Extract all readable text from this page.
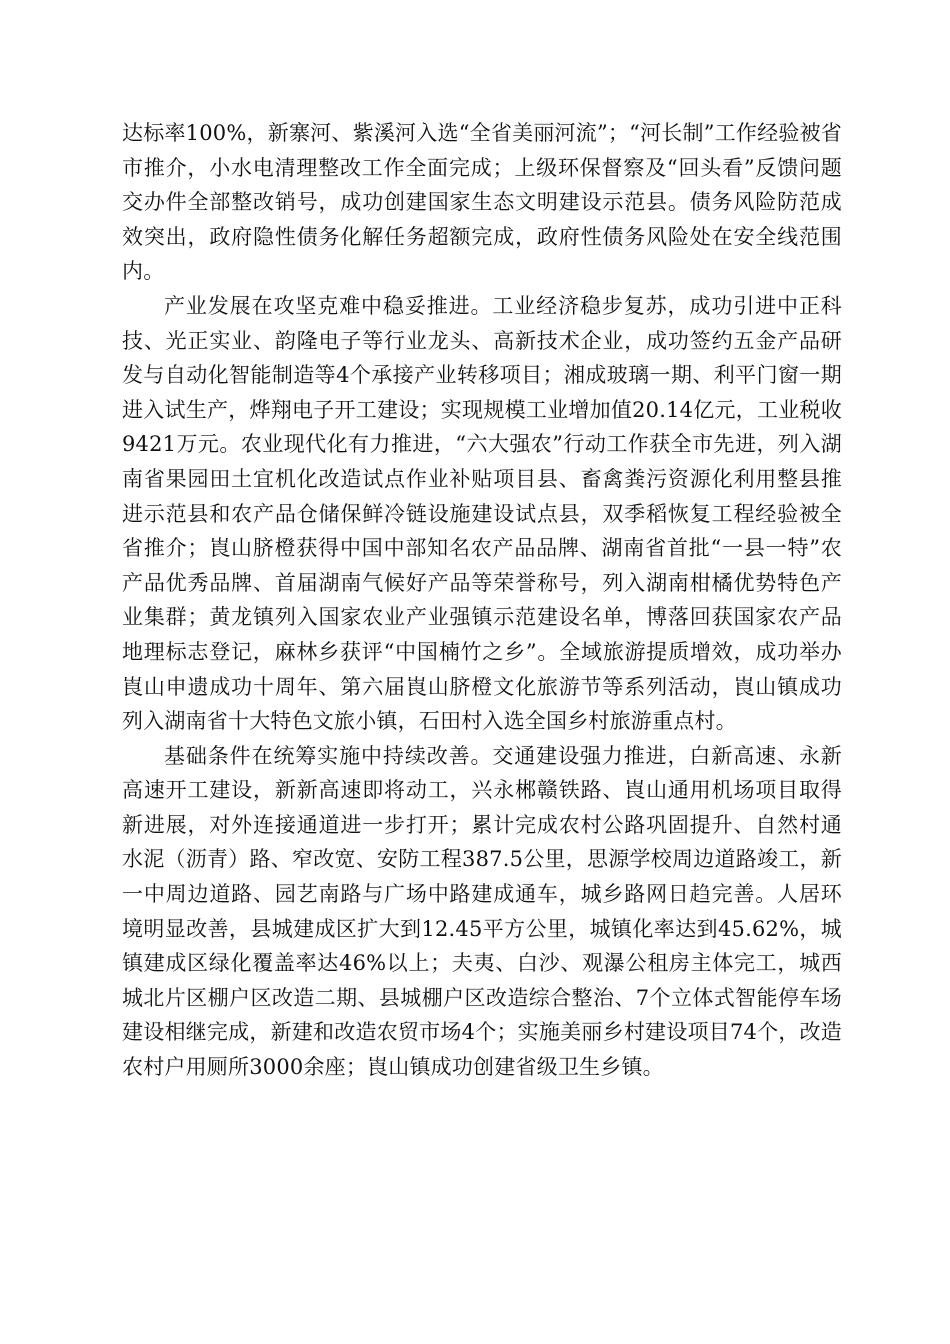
达标率100%，新寨河、紫溪河入选“全省美丽河流”；“河长制”工作经验被省市推介，小水电清理整改工作全面完成；上级环保督察及“回头看”反馈问题交办件全部整改销号，成功创建国家生态文明建设示范县。债务风险防范成效突出，政府隐性债务化解任务超额完成，政府性债务风险处在安全线范围内。

产业发展在攻坚克难中稳妥推进。工业经济稳步复苏，成功引进中正科技、光正实业、韵隆电子等行业龙头、高新技术企业，成功签约五金产品研发与自动化智能制造等4个承接产业转移项目；湘成玻璃一期、利平门窗一期进入试生产，烨翔电子开工建设；实现规模工业增加值20.14亿元，工业税收9421万元。农业现代化有力推进，“六大强农”行动工作获全市先进，列入湖南省果园田土宜机化改造试点作业补贴项目县、畜禽粪污资源化利用整县推进示范县和农产品仓储保鲜冷链设施建设试点县，双季稻恢复工程经验被全省推介；崀山脐橙获得中国中部知名农产品品牌、湖南省首批“一县一特”农产品优秀品牌、首届湖南气候好产品等荣誉称号，列入湖南柑橘优势特色产业集群；黄龙镇列入国家农业产业强镇示范建设名单，博落回获国家农产品地理标志登记，麻林乡获评“中国楠竹之乡”。全域旅游提质增效，成功举办崀山申遗成功十周年、第六届崀山脐橙文化旅游节等系列活动，崀山镇成功列入湖南省十大特色文旅小镇，石田村入选全国乡村旅游重点村。

基础条件在统筹实施中持续改善。交通建设强力推进，白新高速、永新高速开工建设，新新高速即将动工，兴永郴赣铁路、崀山通用机场项目取得新进展，对外连接通道进一步打开；累计完成农村公路巩固提升、自然村通水泥（沥青）路、窄改宽、安防工程387.5公里，思源学校周边道路竣工，新一中周边道路、园艺南路与广场中路建成通车，城乡路网日趋完善。人居环境明显改善，县城建成区扩大到12.45平方公里，城镇化率达到45.62%，城镇建成区绿化覆盖率达46%以上；夫夷、白沙、观瀑公租房主体完工，城西城北片区棚户区改造二期、县城棚户区改造综合整治、7个立体式智能停车场建设相继完成，新建和改造农贸市场4个；实施美丽乡村建设项目74个，改造农村户用厕所3000余座；崀山镇成功创建省级卫生乡镇。
